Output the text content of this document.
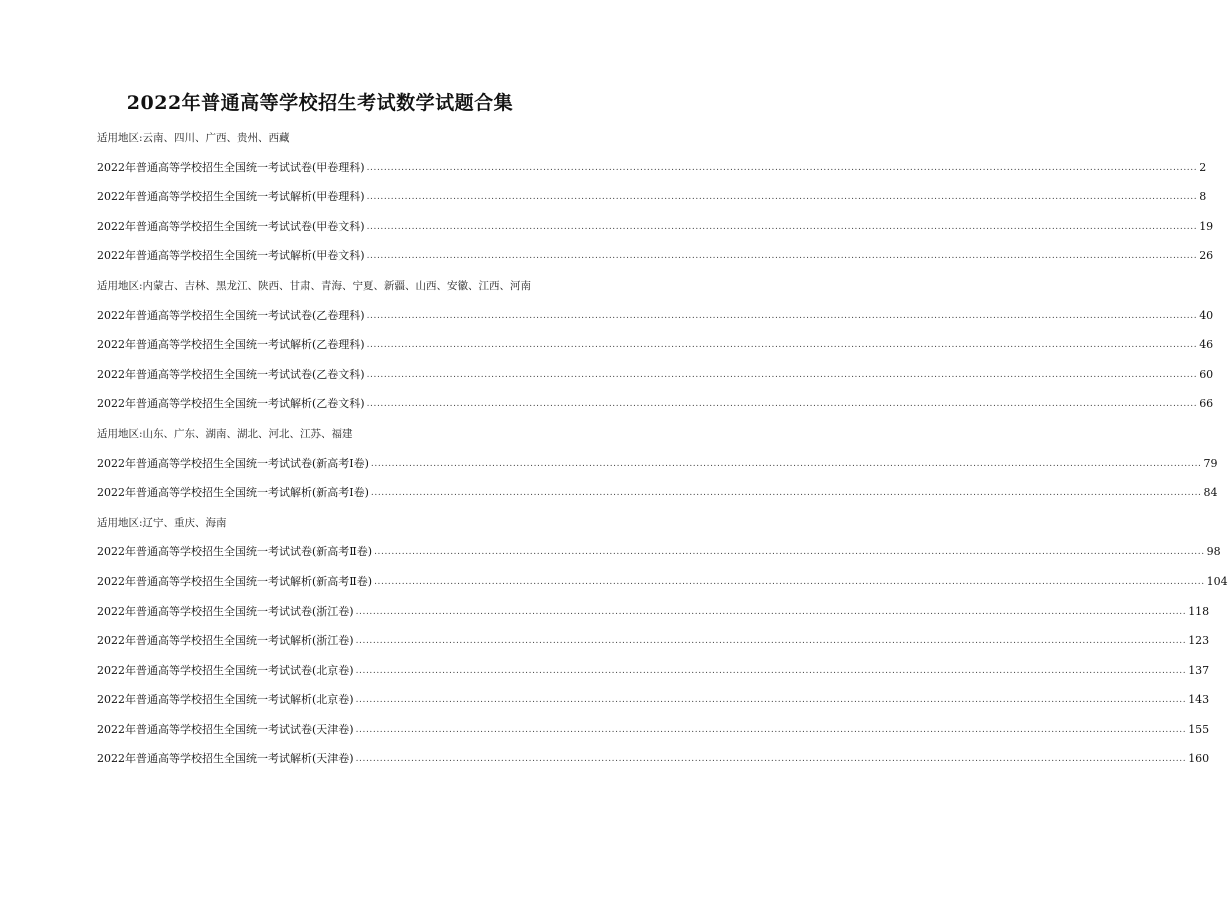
2022年普通高等学校招生考试数学试题合集
适用地区:云南、四川、广西、贵州、西藏
2022年普通高等学校招生全国统一考试试卷(甲卷理科) ................................................................................................................................................................................................................................................ 2
2022年普通高等学校招生全国统一考试解析(甲卷理科) ................................................................................................................................................................................................................................................ 8
2022年普通高等学校招生全国统一考试试卷(甲卷文科) ................................................................................................................................................................................................................................................ 19
2022年普通高等学校招生全国统一考试解析(甲卷文科) ................................................................................................................................................................................................................................................ 26
适用地区:内蒙古、吉林、黑龙江、陕西、甘肃、青海、宁夏、新疆、山西、安徽、江西、河南
2022年普通高等学校招生全国统一考试试卷(乙卷理科) ................................................................................................................................................................................................................................................ 40
2022年普通高等学校招生全国统一考试解析(乙卷理科) ................................................................................................................................................................................................................................................ 46
2022年普通高等学校招生全国统一考试试卷(乙卷文科) ................................................................................................................................................................................................................................................ 60
2022年普通高等学校招生全国统一考试解析(乙卷文科) ................................................................................................................................................................................................................................................ 66
适用地区:山东、广东、湖南、湖北、河北、江苏、福建
2022年普通高等学校招生全国统一考试试卷(新高考Ⅰ卷) ................................................................................................................................................................................................................................................ 79
2022年普通高等学校招生全国统一考试解析(新高考Ⅰ卷) ................................................................................................................................................................................................................................................ 84
适用地区:辽宁、重庆、海南
2022年普通高等学校招生全国统一考试试卷(新高考Ⅱ卷) ................................................................................................................................................................................................................................................ 98
2022年普通高等学校招生全国统一考试解析(新高考Ⅱ卷) ................................................................................................................................................................................................................................................ 104
2022年普通高等学校招生全国统一考试试卷(浙江卷) ................................................................................................................................................................................................................................................ 118
2022年普通高等学校招生全国统一考试解析(浙江卷) ................................................................................................................................................................................................................................................ 123
2022年普通高等学校招生全国统一考试试卷(北京卷) ................................................................................................................................................................................................................................................ 137
2022年普通高等学校招生全国统一考试解析(北京卷) ................................................................................................................................................................................................................................................ 143
2022年普通高等学校招生全国统一考试试卷(天津卷) ................................................................................................................................................................................................................................................ 155
2022年普通高等学校招生全国统一考试解析(天津卷) ................................................................................................................................................................................................................................................ 160
